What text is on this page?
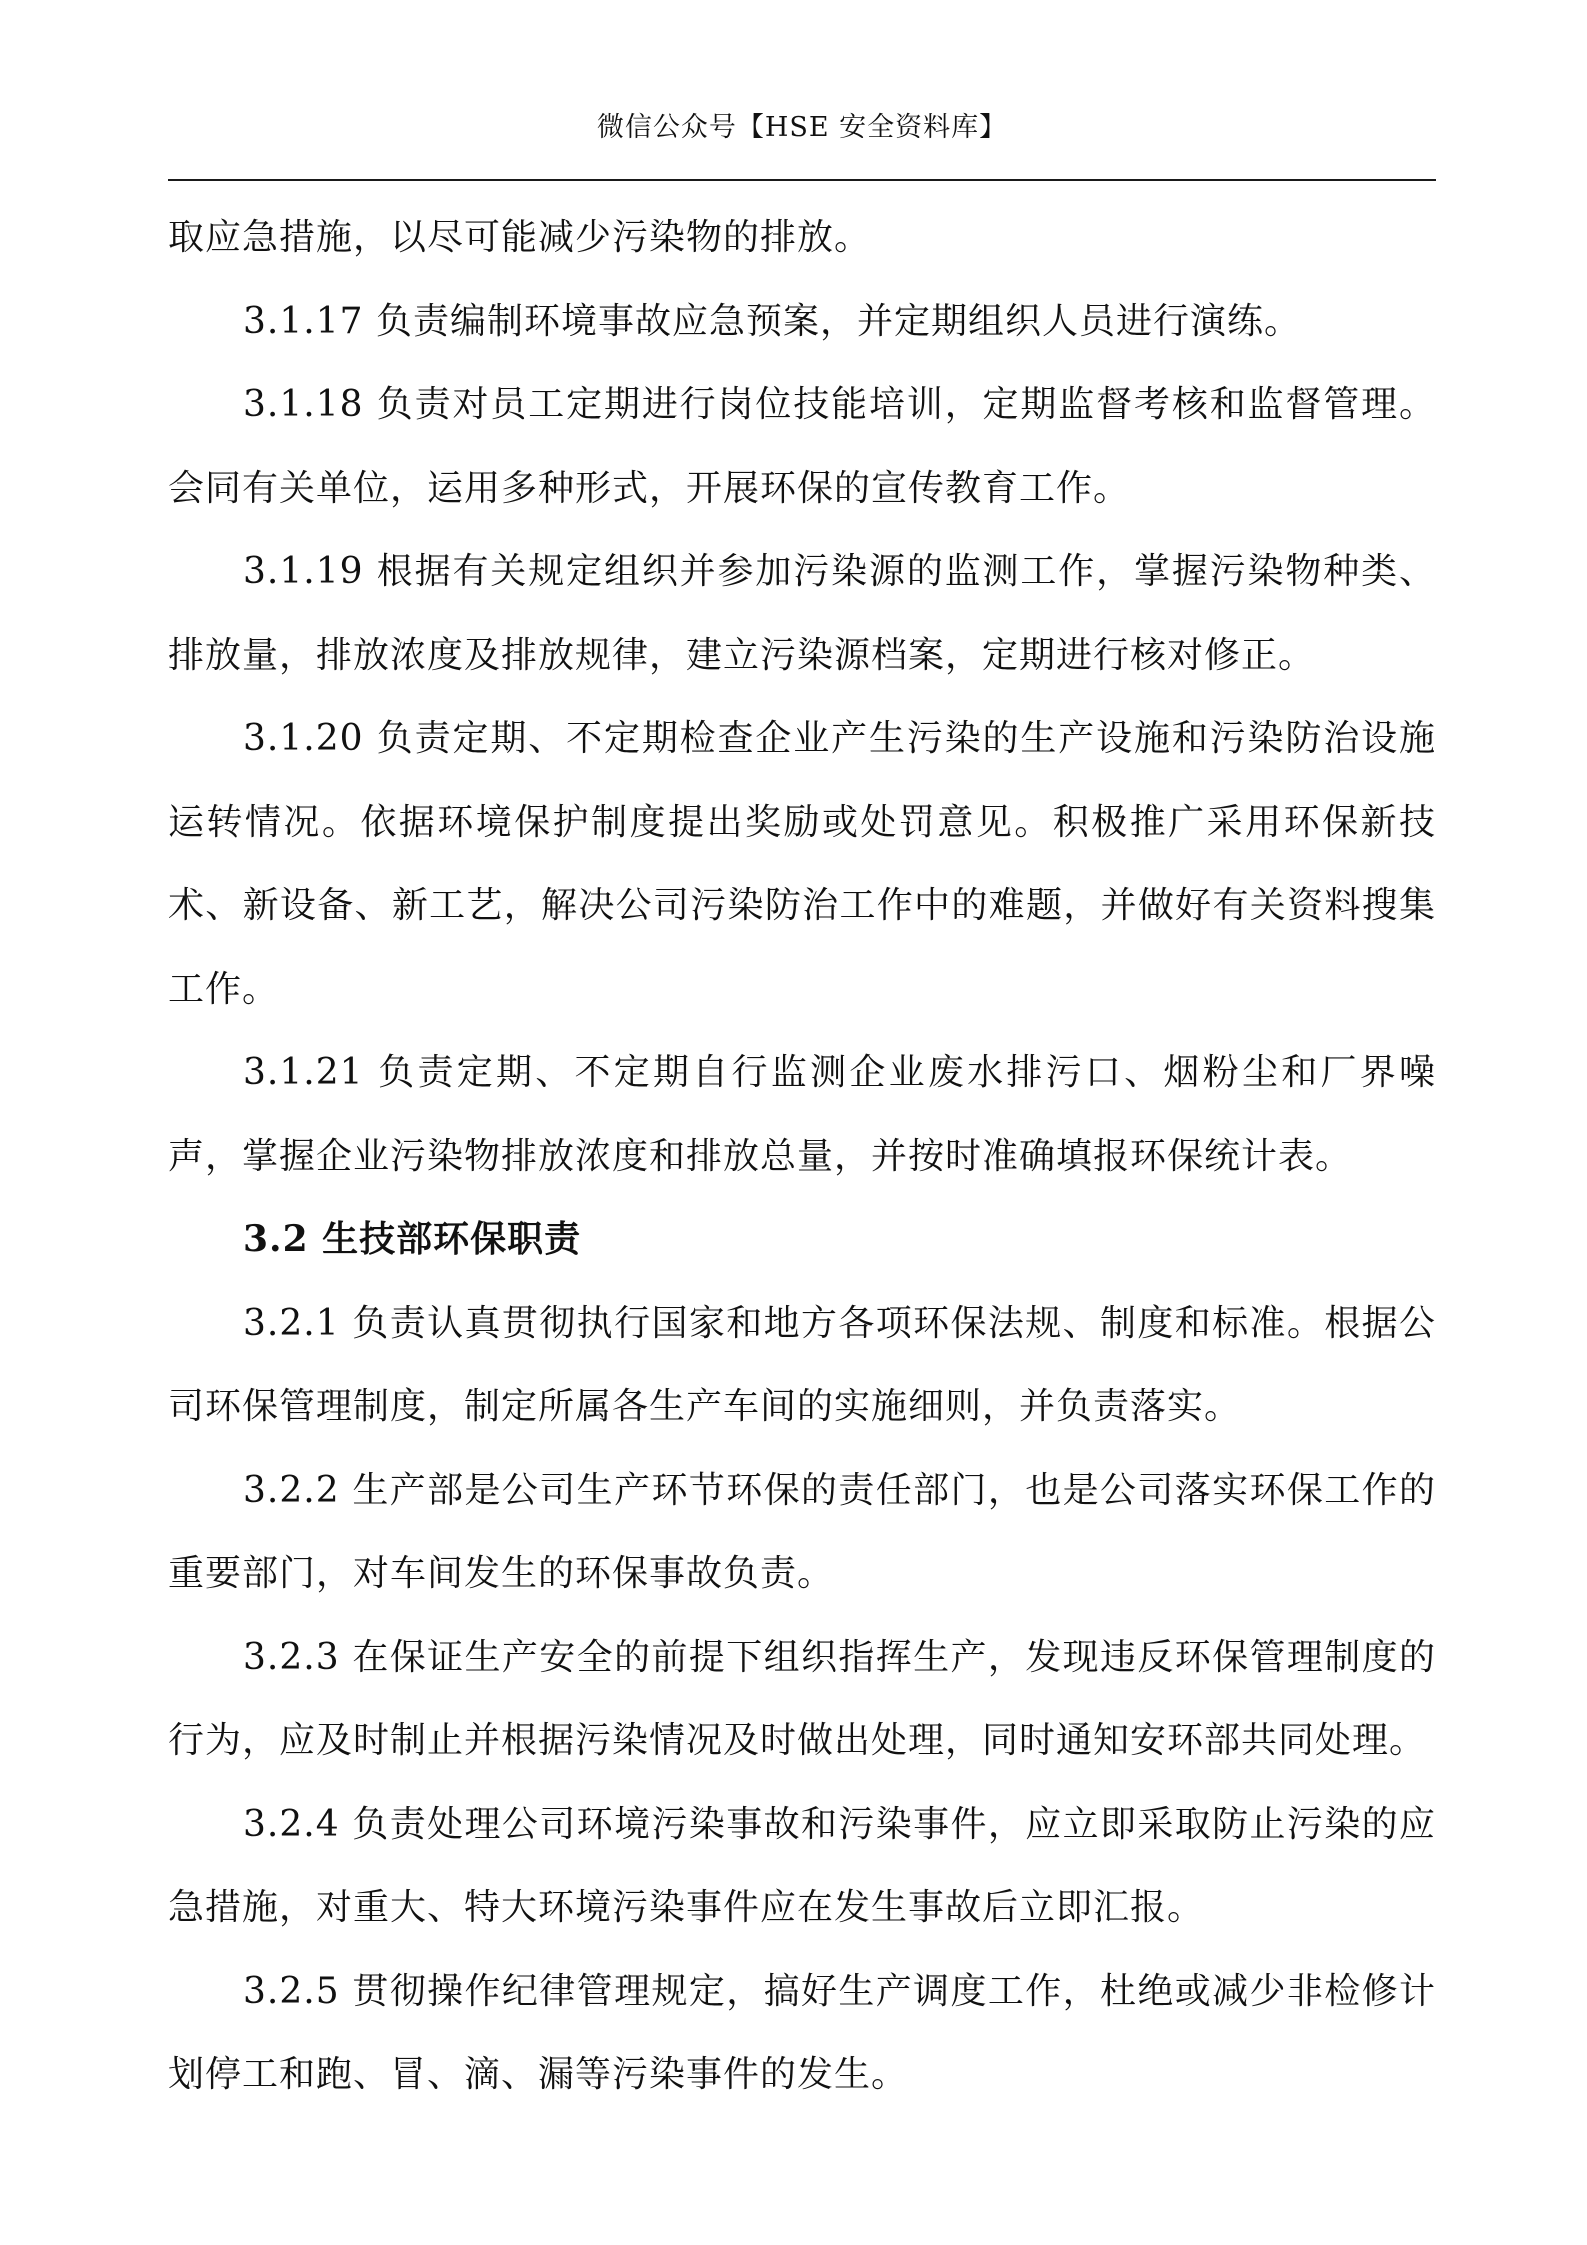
微信公众号【HSE 安全资料库】

取应急措施，以尽可能减少污染物的排放。

3.1.17 负责编制环境事故应急预案，并定期组织人员进行演练。

3.1.18 负责对员工定期进行岗位技能培训，定期监督考核和监督管理。会同有关单位，运用多种形式，开展环保的宣传教育工作。

3.1.19 根据有关规定组织并参加污染源的监测工作，掌握污染物种类、排放量，排放浓度及排放规律，建立污染源档案，定期进行核对修正。

3.1.20 负责定期、不定期检查企业产生污染的生产设施和污染防治设施运转情况。依据环境保护制度提出奖励或处罚意见。积极推广采用环保新技术、新设备、新工艺，解决公司污染防治工作中的难题，并做好有关资料搜集工作。

3.1.21 负责定期、不定期自行监测企业废水排污口、烟粉尘和厂界噪声，掌握企业污染物排放浓度和排放总量，并按时准确填报环保统计表。

3.2 生技部环保职责

3.2.1 负责认真贯彻执行国家和地方各项环保法规、制度和标准。根据公司环保管理制度，制定所属各生产车间的实施细则，并负责落实。

3.2.2 生产部是公司生产环节环保的责任部门，也是公司落实环保工作的重要部门，对车间发生的环保事故负责。

3.2.3 在保证生产安全的前提下组织指挥生产，发现违反环保管理制度的行为，应及时制止并根据污染情况及时做出处理，同时通知安环部共同处理。

3.2.4 负责处理公司环境污染事故和污染事件，应立即采取防止污染的应急措施，对重大、特大环境污染事件应在发生事故后立即汇报。

3.2.5 贯彻操作纪律管理规定，搞好生产调度工作，杜绝或减少非检修计划停工和跑、冒、滴、漏等污染事件的发生。
